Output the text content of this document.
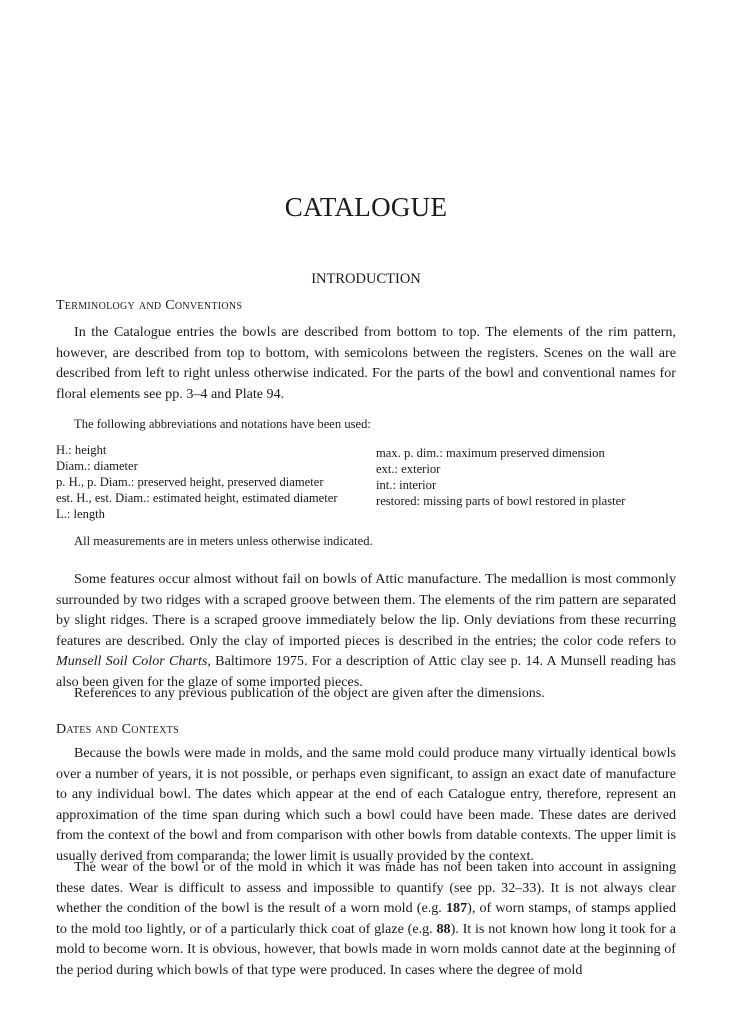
CATALOGUE
INTRODUCTION
Terminology and Conventions

In the Catalogue entries the bowls are described from bottom to top. The elements of the rim pattern, however, are described from top to bottom, with semicolons between the registers. Scenes on the wall are described from left to right unless otherwise indicated. For the parts of the bowl and conventional names for floral elements see pp. 3–4 and Plate 94.

The following abbreviations and notations have been used:

H.: height
Diam.: diameter
p. H., p. Diam.: preserved height, preserved diameter
est. H., est. Diam.: estimated height, estimated diameter
L.: length
max. p. dim.: maximum preserved dimension
ext.: exterior
int.: interior
restored: missing parts of bowl restored in plaster

All measurements are in meters unless otherwise indicated.

Some features occur almost without fail on bowls of Attic manufacture. The medallion is most commonly surrounded by two ridges with a scraped groove between them. The elements of the rim pattern are separated by slight ridges. There is a scraped groove immediately below the lip. Only deviations from these recurring features are described. Only the clay of imported pieces is described in the entries; the color code refers to Munsell Soil Color Charts, Baltimore 1975. For a description of Attic clay see p. 14. A Munsell reading has also been given for the glaze of some imported pieces.

References to any previous publication of the object are given after the dimensions.

Dates and Contexts

Because the bowls were made in molds, and the same mold could produce many virtually identical bowls over a number of years, it is not possible, or perhaps even significant, to assign an exact date of manufacture to any individual bowl. The dates which appear at the end of each Catalogue entry, therefore, represent an approximation of the time span during which such a bowl could have been made. These dates are derived from the context of the bowl and from comparison with other bowls from datable contexts. The upper limit is usually derived from comparanda; the lower limit is usually provided by the context.

The wear of the bowl or of the mold in which it was made has not been taken into account in assigning these dates. Wear is difficult to assess and impossible to quantify (see pp. 32–33). It is not always clear whether the condition of the bowl is the result of a worn mold (e.g. 187), of worn stamps, of stamps applied to the mold too lightly, or of a particularly thick coat of glaze (e.g. 88). It is not known how long it took for a mold to become worn. It is obvious, however, that bowls made in worn molds cannot date at the beginning of the period during which bowls of that type were produced. In cases where the degree of mold
